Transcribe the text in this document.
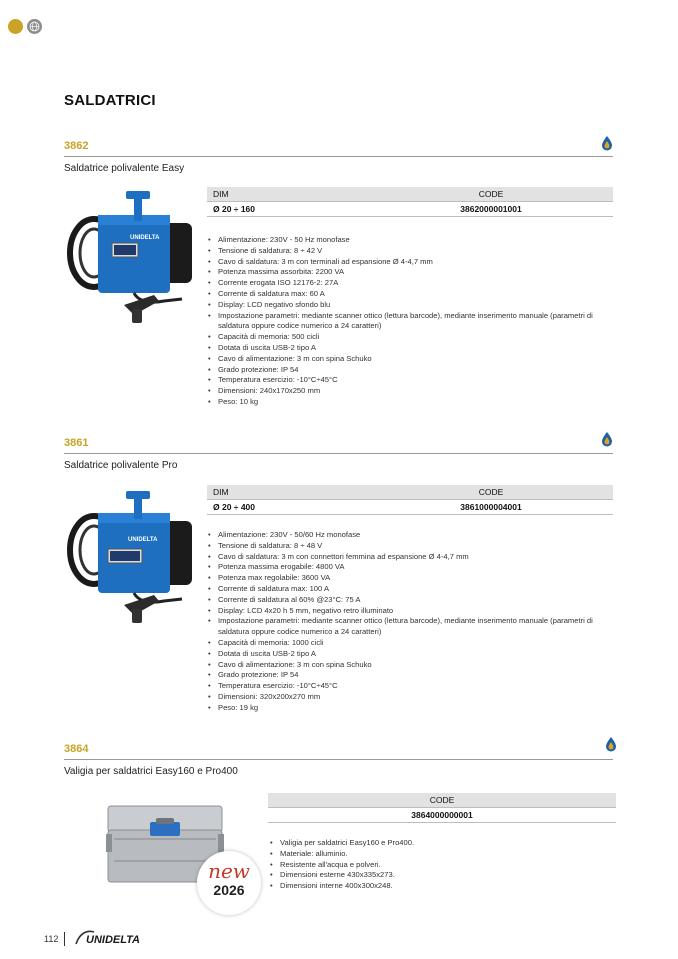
SALDATRICI
3862
Saldatrice polivalente Easy
UNIDELTA
DIM	CODE
Ø 20 ÷ 160	3862000001001
• Alimentazione: 230V - 50 Hz monofase
• Tensione di saldatura: 8 ÷ 42 V
• Cavo di saldatura: 3 m con terminali ad espansione Ø 4-4,7 mm
• Potenza massima assorbita: 2200 VA
• Corrente erogata ISO 12176-2: 27A
• Corrente di saldatura max: 60 A
• Display: LCD negativo sfondo blu
• Impostazione parametri: mediante scanner ottico (lettura barcode), mediante inserimento manuale (parametri di saldatura oppure codice numerico a 24 caratteri)
• Capacità di memoria: 500 cicli
• Dotata di uscita USB-2 tipo A
• Cavo di alimentazione: 3 m con spina Schuko
• Grado protezione: IP 54
• Temperatura esercizio: -10°C÷45°C
• Dimensioni: 240x170x250 mm
• Peso: 10 kg
3861
Saldatrice polivalente Pro
UNIDELTA
DIM	CODE
Ø 20 ÷ 400	3861000004001
• Alimentazione: 230V - 50/60 Hz monofase
• Tensione di saldatura: 8 ÷ 48 V
• Cavo di saldatura: 3 m con connettori femmina ad espansione Ø 4-4,7 mm
• Potenza massima erogabile: 4800 VA
• Potenza max regolabile: 3600 VA
• Corrente di saldatura max: 100 A
• Corrente di saldatura al 60% @23°C: 75 A
• Display: LCD 4x20 h 5 mm, negativo retro illuminato
• Impostazione parametri: mediante scanner ottico (lettura barcode), mediante inserimento manuale (parametri di saldatura oppure codice numerico a 24 caratteri)
• Capacità di memoria: 1000 cicli
• Dotata di uscita USB-2 tipo A
• Cavo di alimentazione: 3 m con spina Schuko
• Grado protezione: IP 54
• Temperatura esercizio: -10°C÷45°C
• Dimensioni: 320x200x270 mm
• Peso: 19 kg
3864
Valigia per saldatrici Easy160 e Pro400
new
2026
CODE
3864000000001
• Valigia per saldatrici Easy160 e Pro400.
• Materiale: alluminio.
• Resistente all'acqua e polveri.
• Dimensioni esterne 430x335x273.
• Dimensioni interne 400x300x248.
112	UNIDELTA
